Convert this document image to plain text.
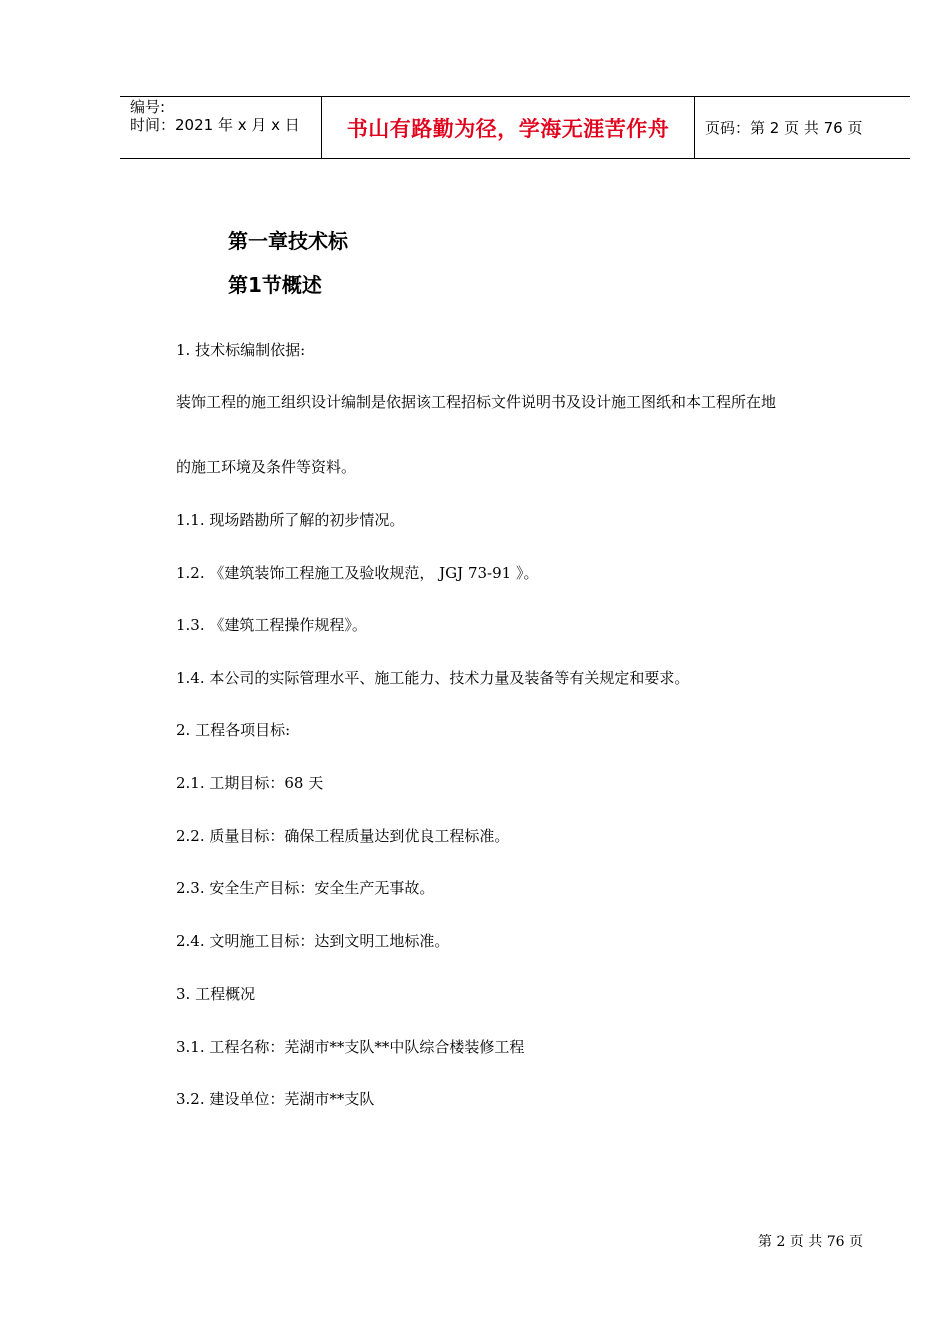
编号:
时间：2021 年 x 月 x 日 书山有路勤为径，学海无涯苦作舟 页码：第 2 页 共 76 页
第一章技术标
第1节概述
1. 技术标编制依据:
装饰工程的施工组织设计编制是依据该工程招标文件说明书及设计施工图纸和本工程所在地
的施工环境及条件等资料。
1.1. 现场踏勘所了解的初步情况。
1.2. 《建筑装饰工程施工及验收规范， JGJ 73-91 》。
1.3. 《建筑工程操作规程》。
1.4. 本公司的实际管理水平、施工能力、技术力量及装备等有关规定和要求。
2. 工程各项目标:
2.1. 工期目标：68 天
2.2. 质量目标：确保工程质量达到优良工程标准。
2.3. 安全生产目标：安全生产无事故。
2.4. 文明施工目标：达到文明工地标准。
3. 工程概况
3.1. 工程名称：芜湖市**支队**中队综合楼装修工程
3.2. 建设单位：芜湖市**支队
第 2 页 共 76 页
